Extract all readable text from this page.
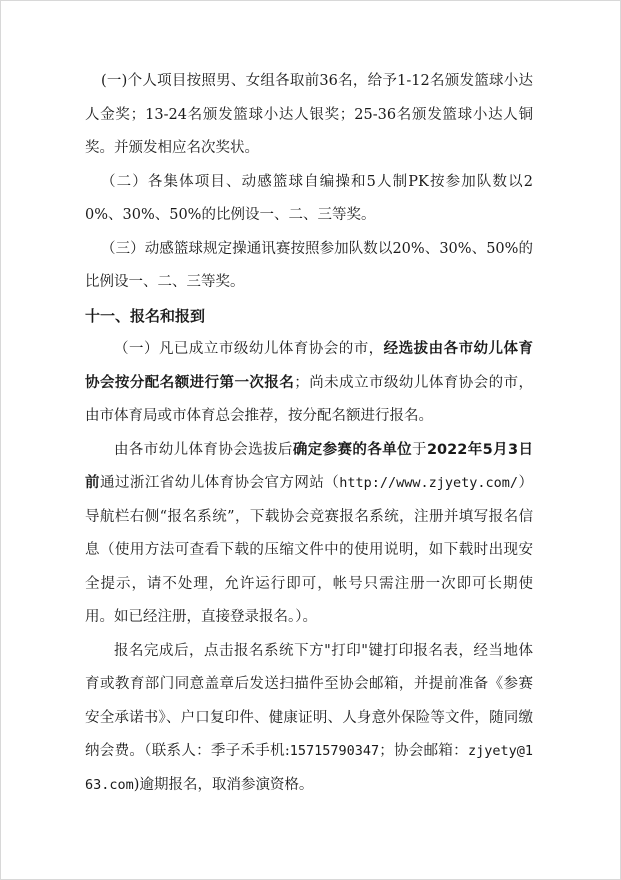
(一)个人项目按照男、女组各取前36名，给予1-12名颁发篮球小达人金奖；13-24名颁发篮球小达人银奖；25-36名颁发篮球小达人铜奖。并颁发相应名次奖状。

（二）各集体项目、动感篮球自编操和5人制PK按参加队数以20%、30%、50%的比例设一、二、三等奖。

（三）动感篮球规定操通讯赛按照参加队数以20%、30%、50%的比例设一、二、三等奖。

十一、报名和报到

（一）凡已成立市级幼儿体育协会的市，经选拔由各市幼儿体育协会按分配名额进行第一次报名；尚未成立市级幼儿体育协会的市，由市体育局或市体育总会推荐，按分配名额进行报名。

由各市幼儿体育协会选拔后确定参赛的各单位于2022年5月3日前通过浙江省幼儿体育协会官方网站（http://www.zjyety.com/）导航栏右侧“报名系统”，下载协会竞赛报名系统，注册并填写报名信息（使用方法可查看下载的压缩文件中的使用说明，如下载时出现安全提示，请不处理，允许运行即可，帐号只需注册一次即可长期使用。如已经注册，直接登录报名。）。

报名完成后，点击报名系统下方"打印"键打印报名表，经当地体育或教育部门同意盖章后发送扫描件至协会邮箱，并提前准备《参赛安全承诺书》、户口复印件、健康证明、人身意外保险等文件，随同缴纳会费。（联系人：季子禾手机:15715790347；协会邮箱：zjyety@163.com)逾期报名，取消参演资格。
